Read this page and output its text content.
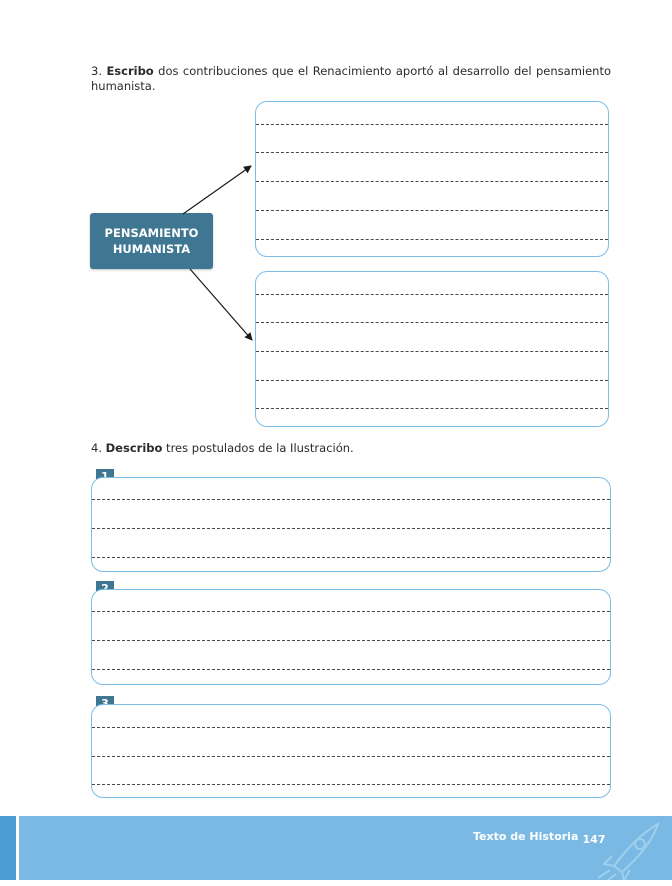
3. Escribo dos contribuciones que el Renacimiento aportó al desarrollo del pensamiento humanista.
PENSAMIENTO
HUMANISTA
4. Describo tres postulados de la Ilustración.
Texto de Historia 147
